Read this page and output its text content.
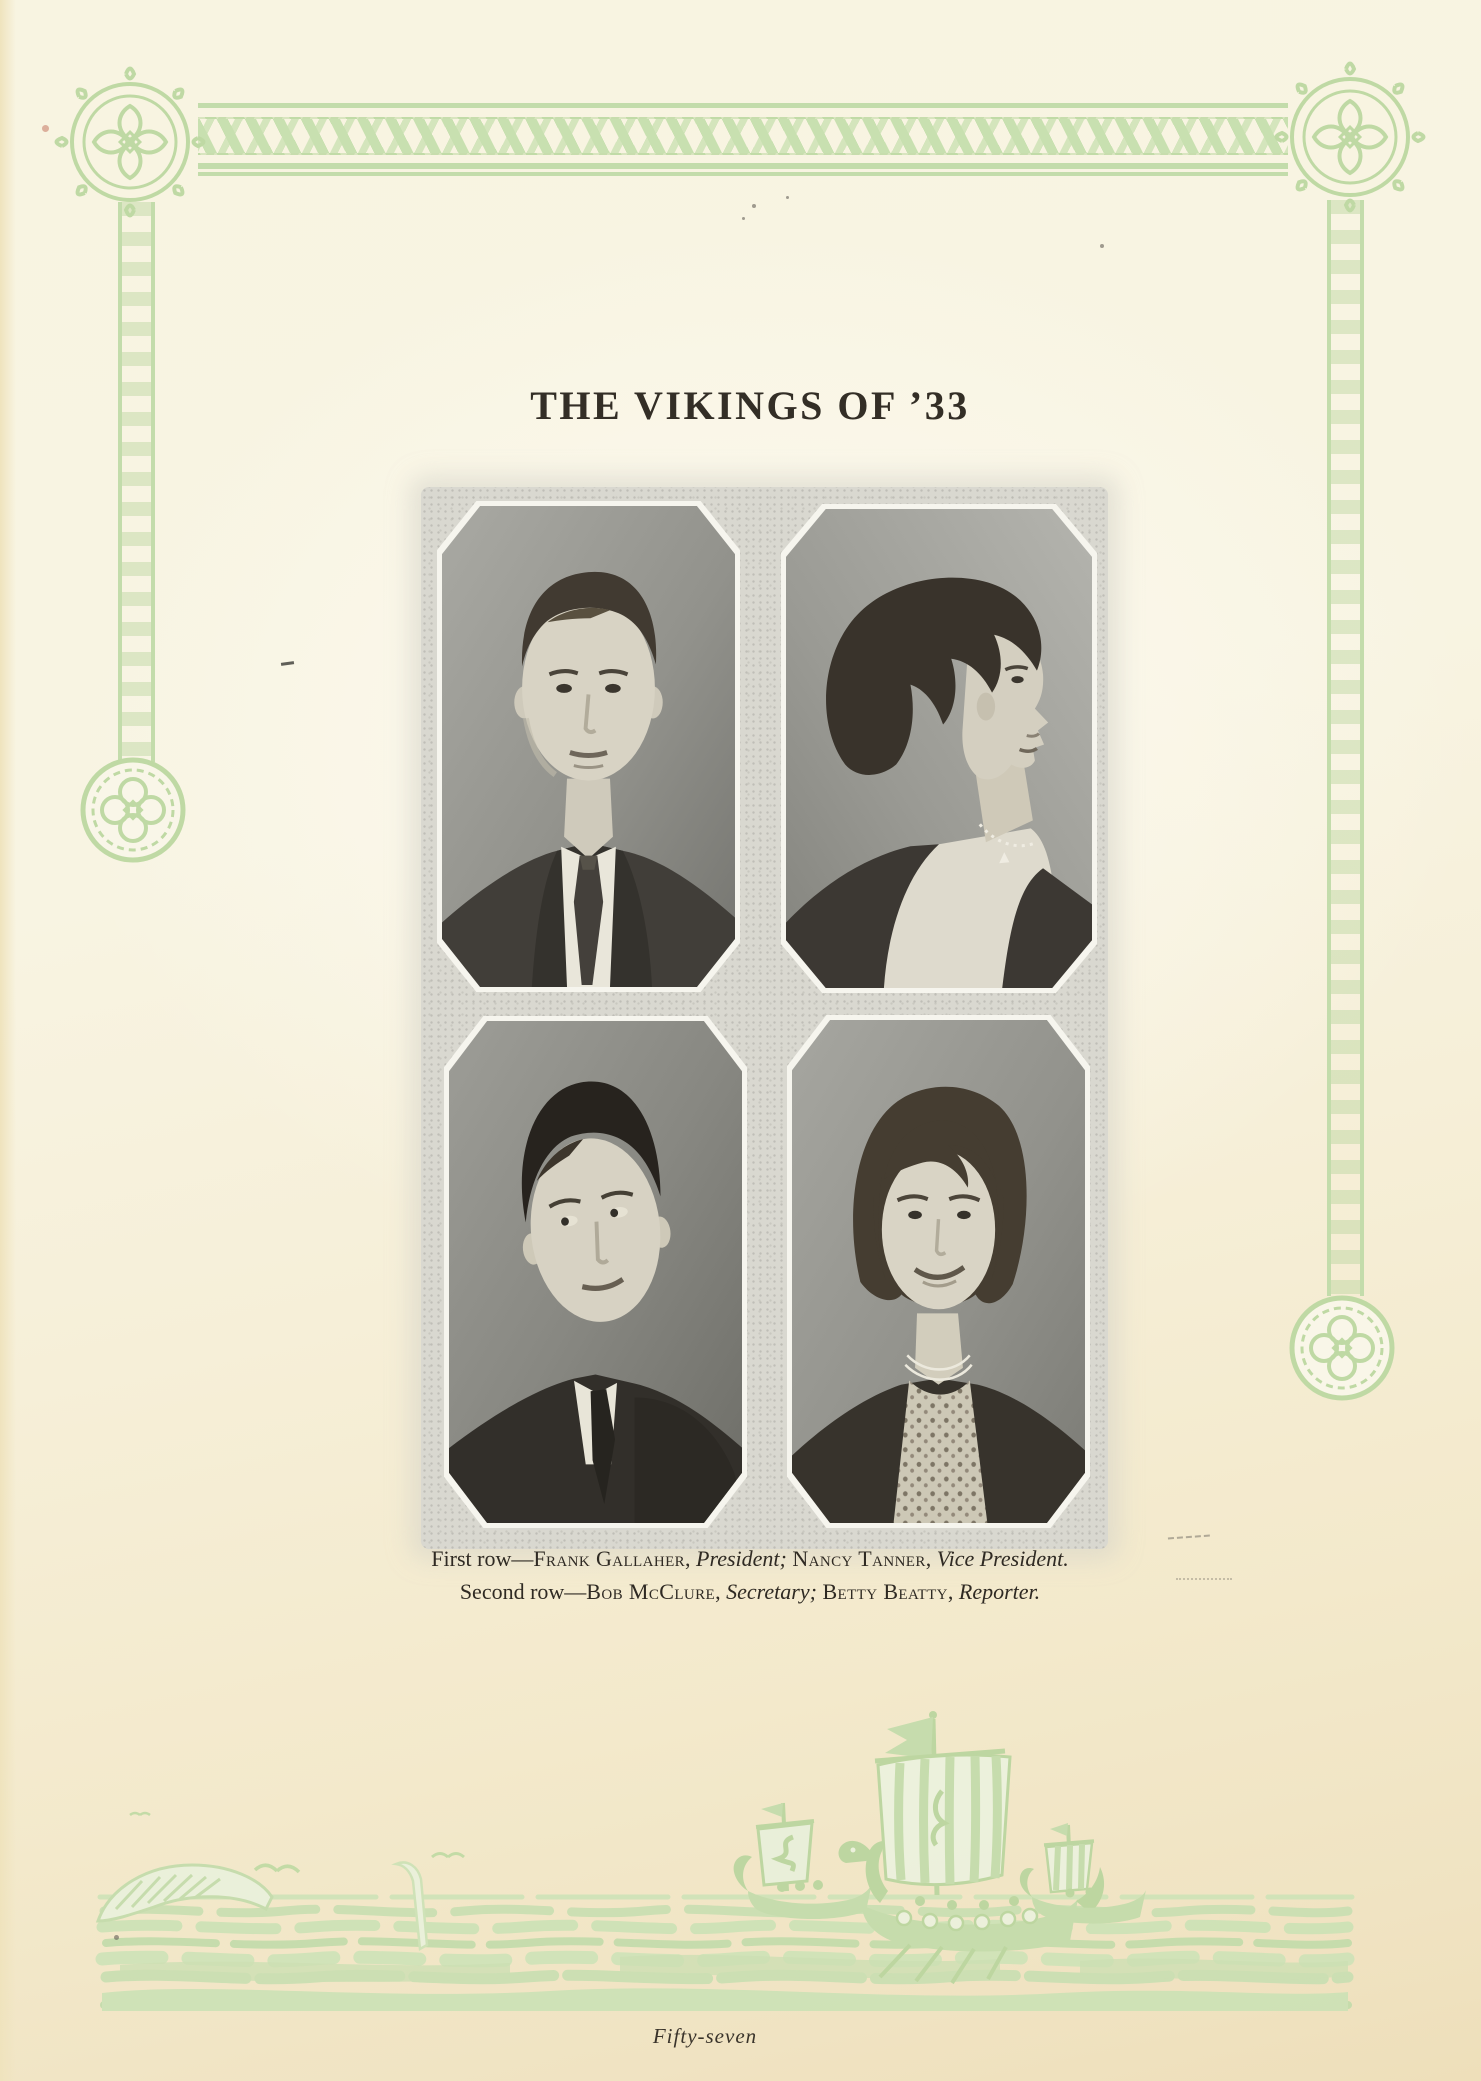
THE VIKINGS OF ’33

First row—Frank Gallaher, President; Nancy Tanner, Vice President.

Second row—Bob McClure, Secretary; Betty Beatty, Reporter.

Fifty-seven
